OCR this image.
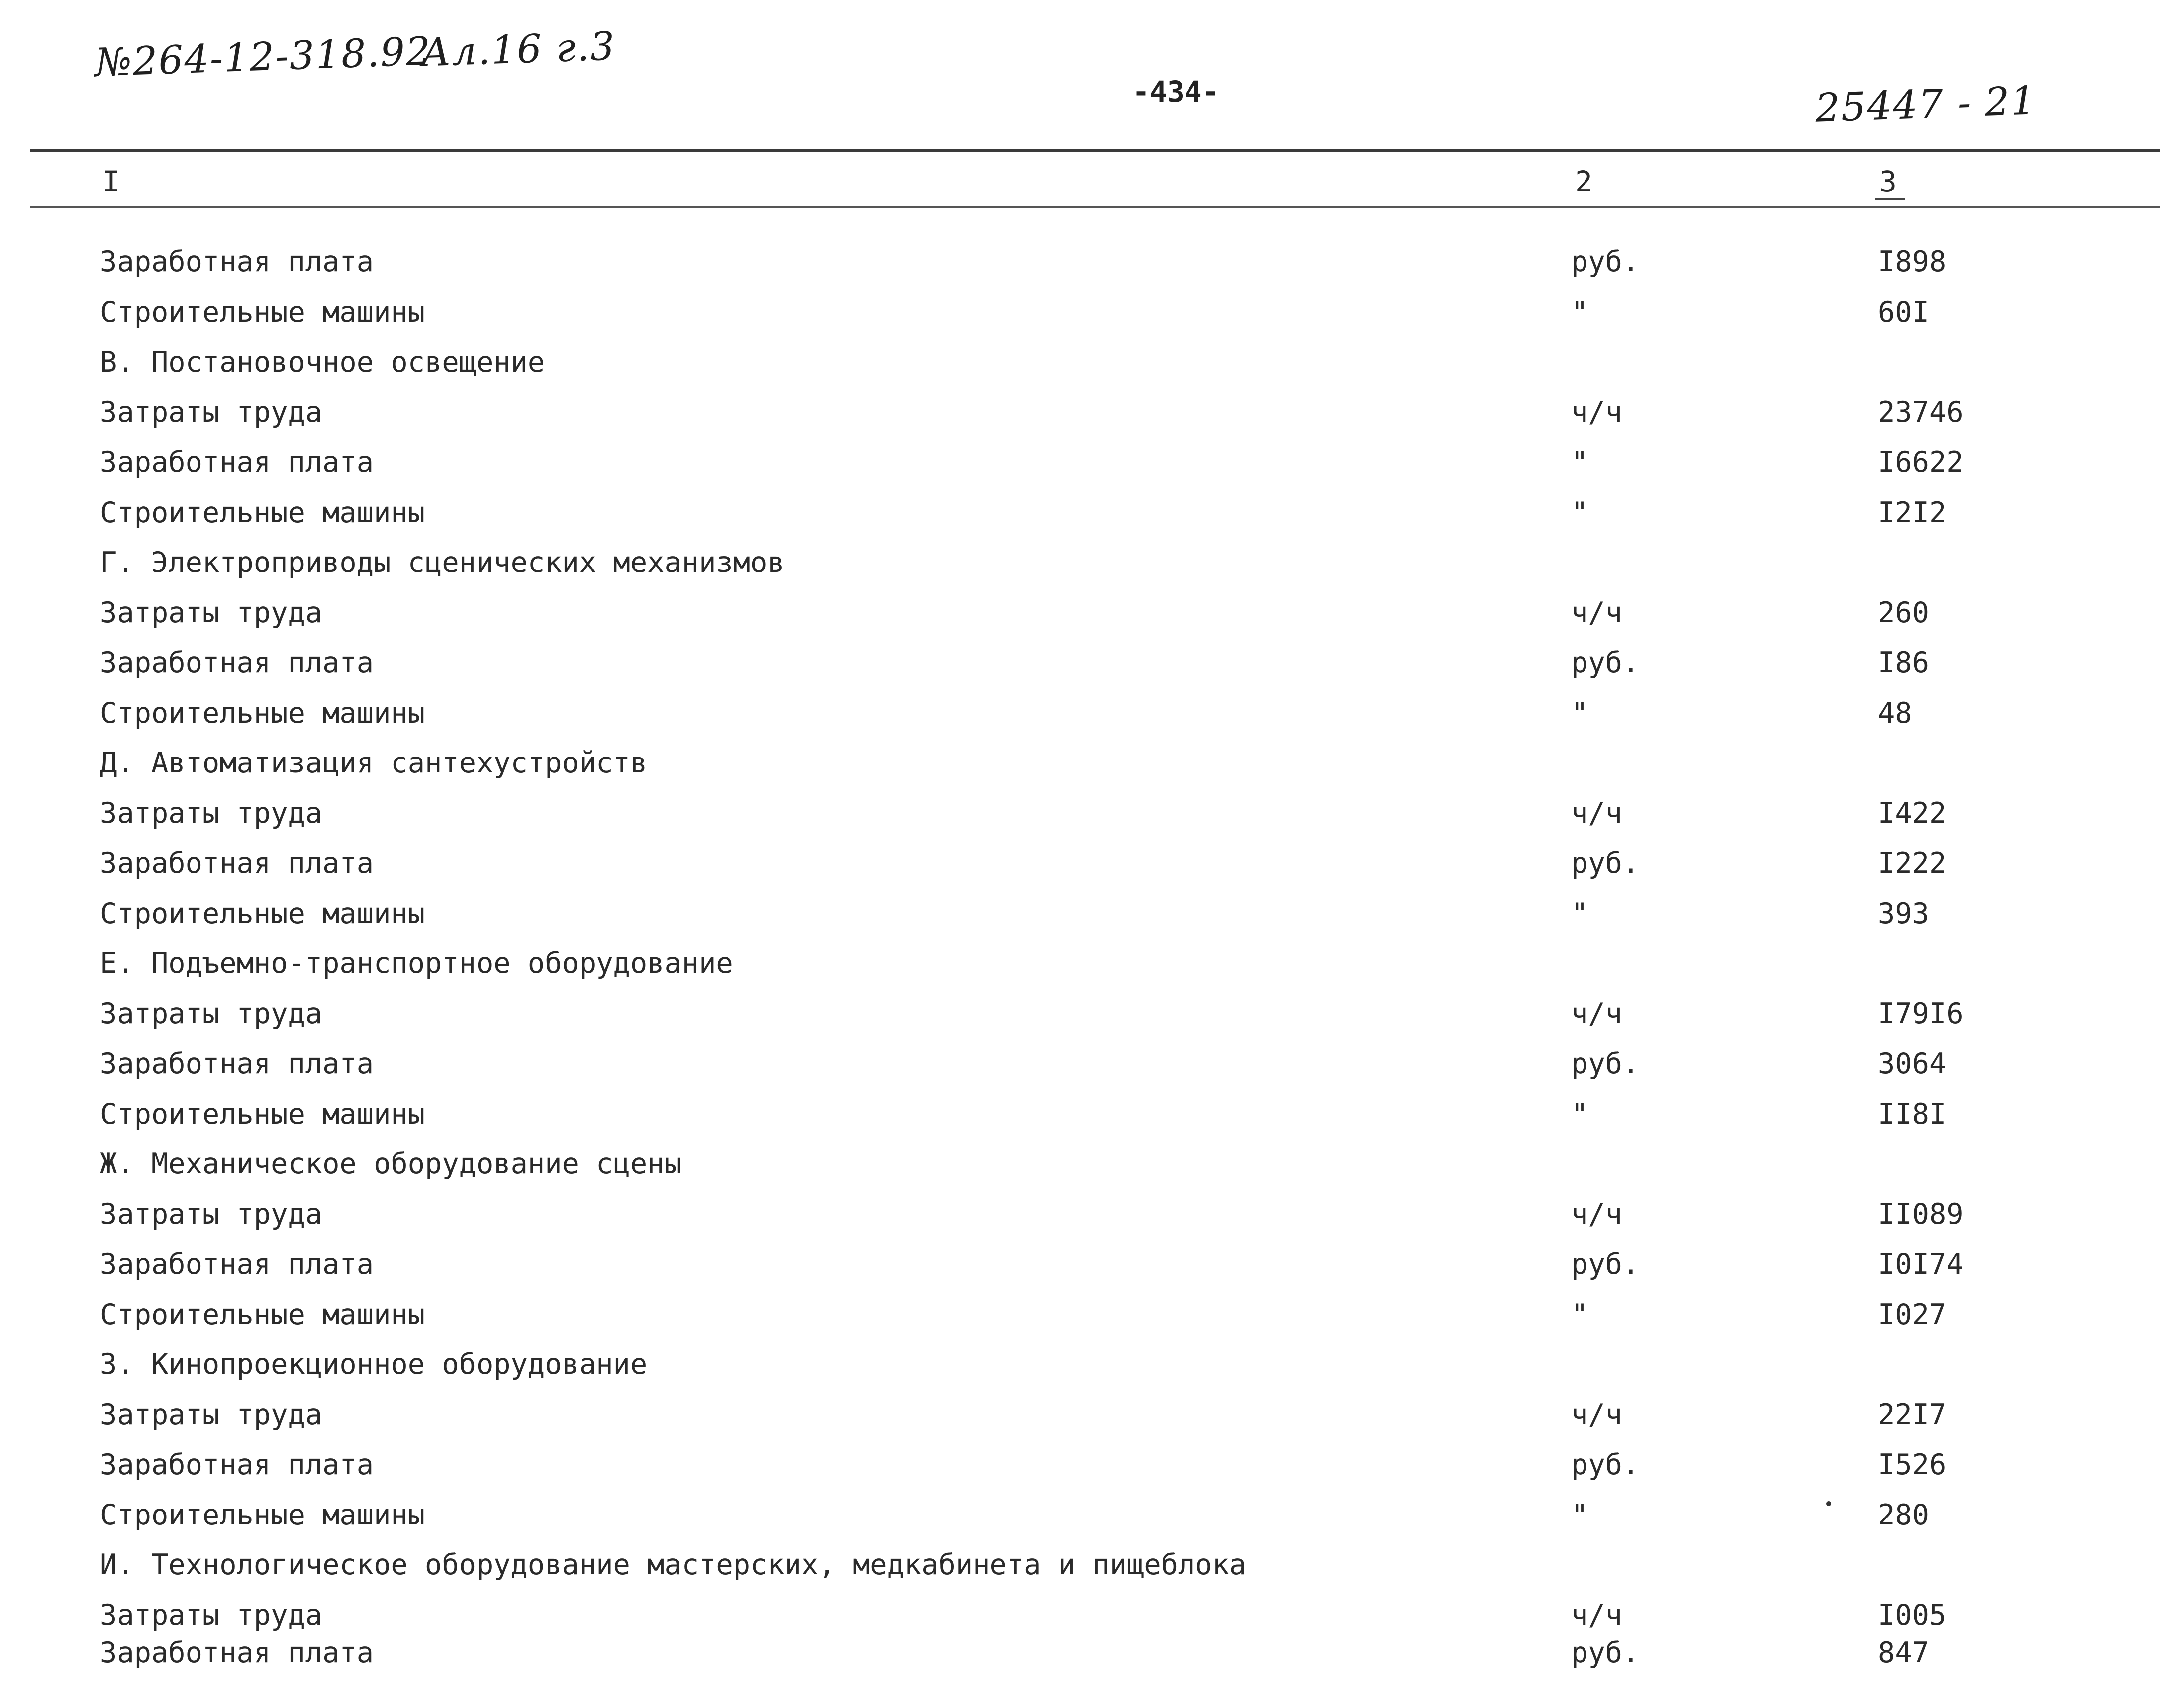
№264-12-318.92
Ал.16 г.3
-434-	25447 - 21
I	2	3
Заработная плата	руб.	I898
Строительные машины	"	60I
В. Постановочное освещение
Затраты труда	ч/ч	23746
Заработная плата	"	I6622
Строительные машины	"	I2I2
Г. Электроприводы сценических механизмов
Затраты труда	ч/ч	260
Заработная плата	руб.	I86
Строительные машины	"	48
Д. Автоматизация сантехустройств
Затраты труда	ч/ч	I422
Заработная плата	руб.	I222
Строительные машины	"	393
Е. Подъемно-транспортное оборудование
Затраты труда	ч/ч	I79I6
Заработная плата	руб.	3064
Строительные машины	"	II8I
Ж. Механическое оборудование сцены
Затраты труда	ч/ч	II089
Заработная плата	руб.	I0I74
Строительные машины	"	I027
З. Кинопроекционное оборудование
Затраты труда	ч/ч	22I7
Заработная плата	руб.	I526
Строительные машины	"	280
И. Технологическое оборудование мастерских, медкабинета и пищеблока
Затраты труда	ч/ч	I005
Заработная плата	руб.	847
